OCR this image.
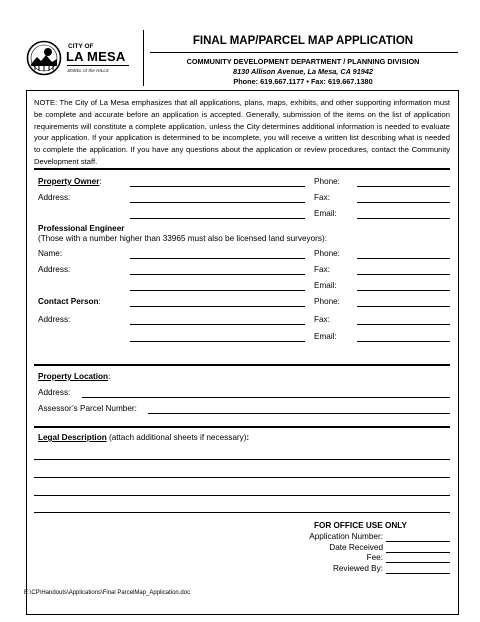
CITY OF
LA MESA
JEWEL of the HILLS
FINAL MAP/PARCEL MAP APPLICATION
COMMUNITY DEVELOPMENT DEPARTMENT / PLANNING DIVISION
8130 Allison Avenue, La Mesa, CA 91942
Phone: 619.667.1177 • Fax: 619.667.1380
NOTE: The City of La Mesa emphasizes that all applications, plans, maps, exhibits, and other supporting information must be complete and accurate before an application is accepted. Generally, submission of the items on the list of application requirements will constitute a complete application, unless the City determines additional information is needed to evaluate your application. If your application is determined to be incomplete, you will receive a written list describing what is needed to complete the application. If you have any questions about the application or review procedures, contact the Community Development staff.
Property Owner:
Address:
Phone:
Fax:
Email:
Professional Engineer
(Those with a number higher than 33965 must also be licensed land surveyors):
Name:
Address:
Phone:
Fax:
Email:
Contact Person:
Address:
Phone:
Fax:
Email:
Property Location:
Address:
Assessor’s Parcel Number:
Legal Description (attach additional sheets if necessary):
FOR OFFICE USE ONLY
Application Number:
Date Received
Fee:
Reviewed By:
E:\CP\Handouts\Applications\Final ParcelMap_Application.doc
